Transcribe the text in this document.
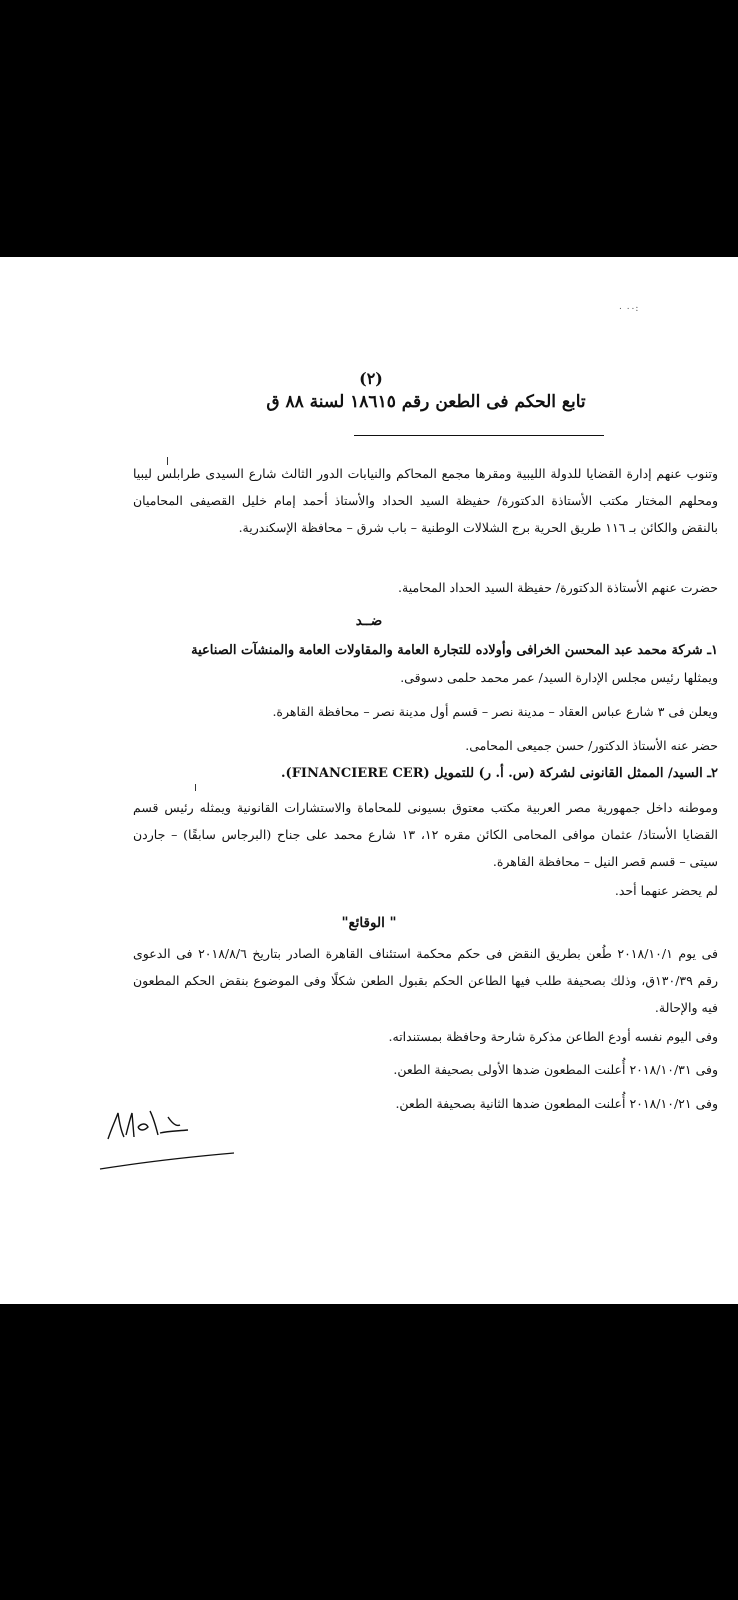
٠٠ ٠:
(٢)
تابع الحكم فى الطعن رقم ١٨٦١٥ لسنة ٨٨ ق
وتنوب عنهم إدارة القضايا للدولة الليبية ومقرها مجمع المحاكم والنيابات الدور الثالث شارع السيدى طرابلس ليبيا ومحلهم المختار مكتب الأستاذة الدكتورة/ حفيظة السيد الحداد والأستاذ أحمد إمام خليل القصيفى المحاميان بالنقض والكائن بـ ١١٦ طريق الحرية برج الشلالات الوطنية – باب شرق – محافظة الإسكندرية.
حضرت عنهم الأستاذة الدكتورة/ حفيظة السيد الحداد المحامية.
ضــد
١ـ شركة محمد عبد المحسن الخرافى وأولاده للتجارة العامة والمقاولات العامة والمنشآت الصناعية
ويمثلها رئيس مجلس الإدارة السيد/ عمر محمد حلمى دسوقى.
ويعلن فى ٣ شارع عباس العقاد – مدينة نصر – قسم أول مدينة نصر – محافظة القاهرة.
حضر عنه الأستاذ الدكتور/ حسن جميعى المحامى.
٢ـ السيد/ الممثل القانونى لشركة (س. أ. ر) للتمويل (FINANCIERE CER).
وموطنه داخل جمهورية مصر العربية مكتب معتوق بسيونى للمحاماة والاستشارات القانونية ويمثله رئيس قسم القضايا الأستاذ/ عثمان موافى المحامى الكائن مقره ١٢، ١٣ شارع محمد على جناح (البرجاس سابقًا) – جاردن سيتى – قسم قصر النيل – محافظة القاهرة.
لم يحضر عنهما أحد.
" الوقائع"
فى يوم ٢٠١٨/١٠/١ طُعن بطريق النقض فى حكم محكمة استئناف القاهرة الصادر بتاريخ ٢٠١٨/٨/٦ فى الدعوى رقم ١٣٠/٣٩ق، وذلك بصحيفة طلب فيها الطاعن الحكم بقبول الطعن شكلًا وفى الموضوع بنقض الحكم المطعون فيه والإحالة.
وفى اليوم نفسه أودع الطاعن مذكرة شارحة وحافظة بمستنداته.
وفى ٢٠١٨/١٠/٣١ أُعلنت المطعون ضدها الأولى بصحيفة الطعن.
وفى ٢٠١٨/١٠/٢١ أُعلنت المطعون ضدها الثانية بصحيفة الطعن.
